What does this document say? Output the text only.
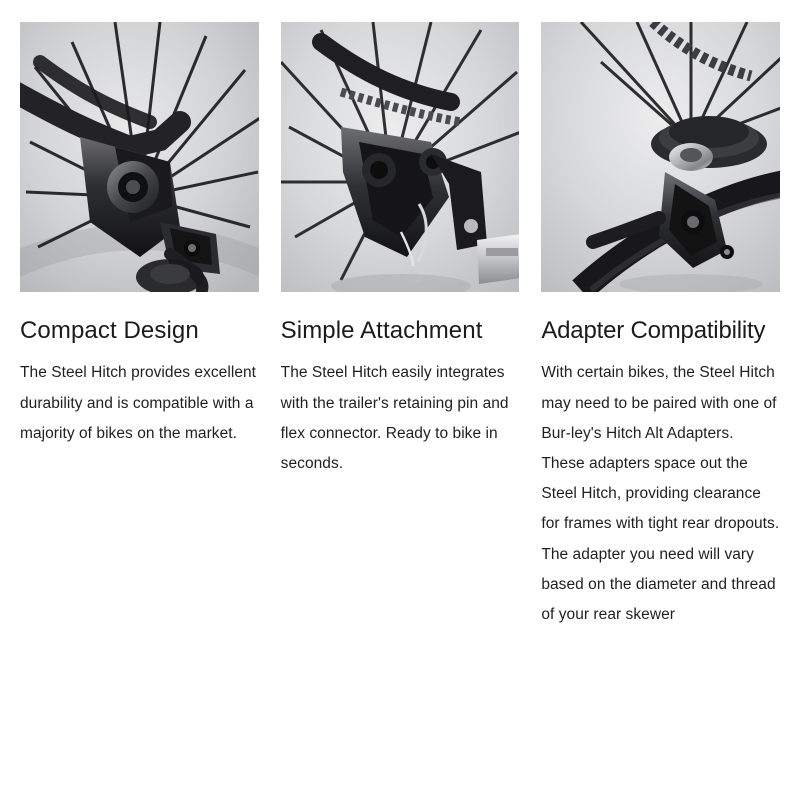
Compact Design
The Steel Hitch provides excellent durability and is compatible with a majority of bikes on the market.
Simple Attachment
The Steel Hitch easily integrates with the trailer's retaining pin and flex connector. Ready to bike in seconds.
Adapter Compatibility
With certain bikes, the Steel Hitch may need to be paired with one of Bur-ley's Hitch Alt Adapters. These adapters space out the Steel Hitch, providing clearance for frames with tight rear dropouts. The adapter you need will vary based on the diameter and thread of your rear skewer
